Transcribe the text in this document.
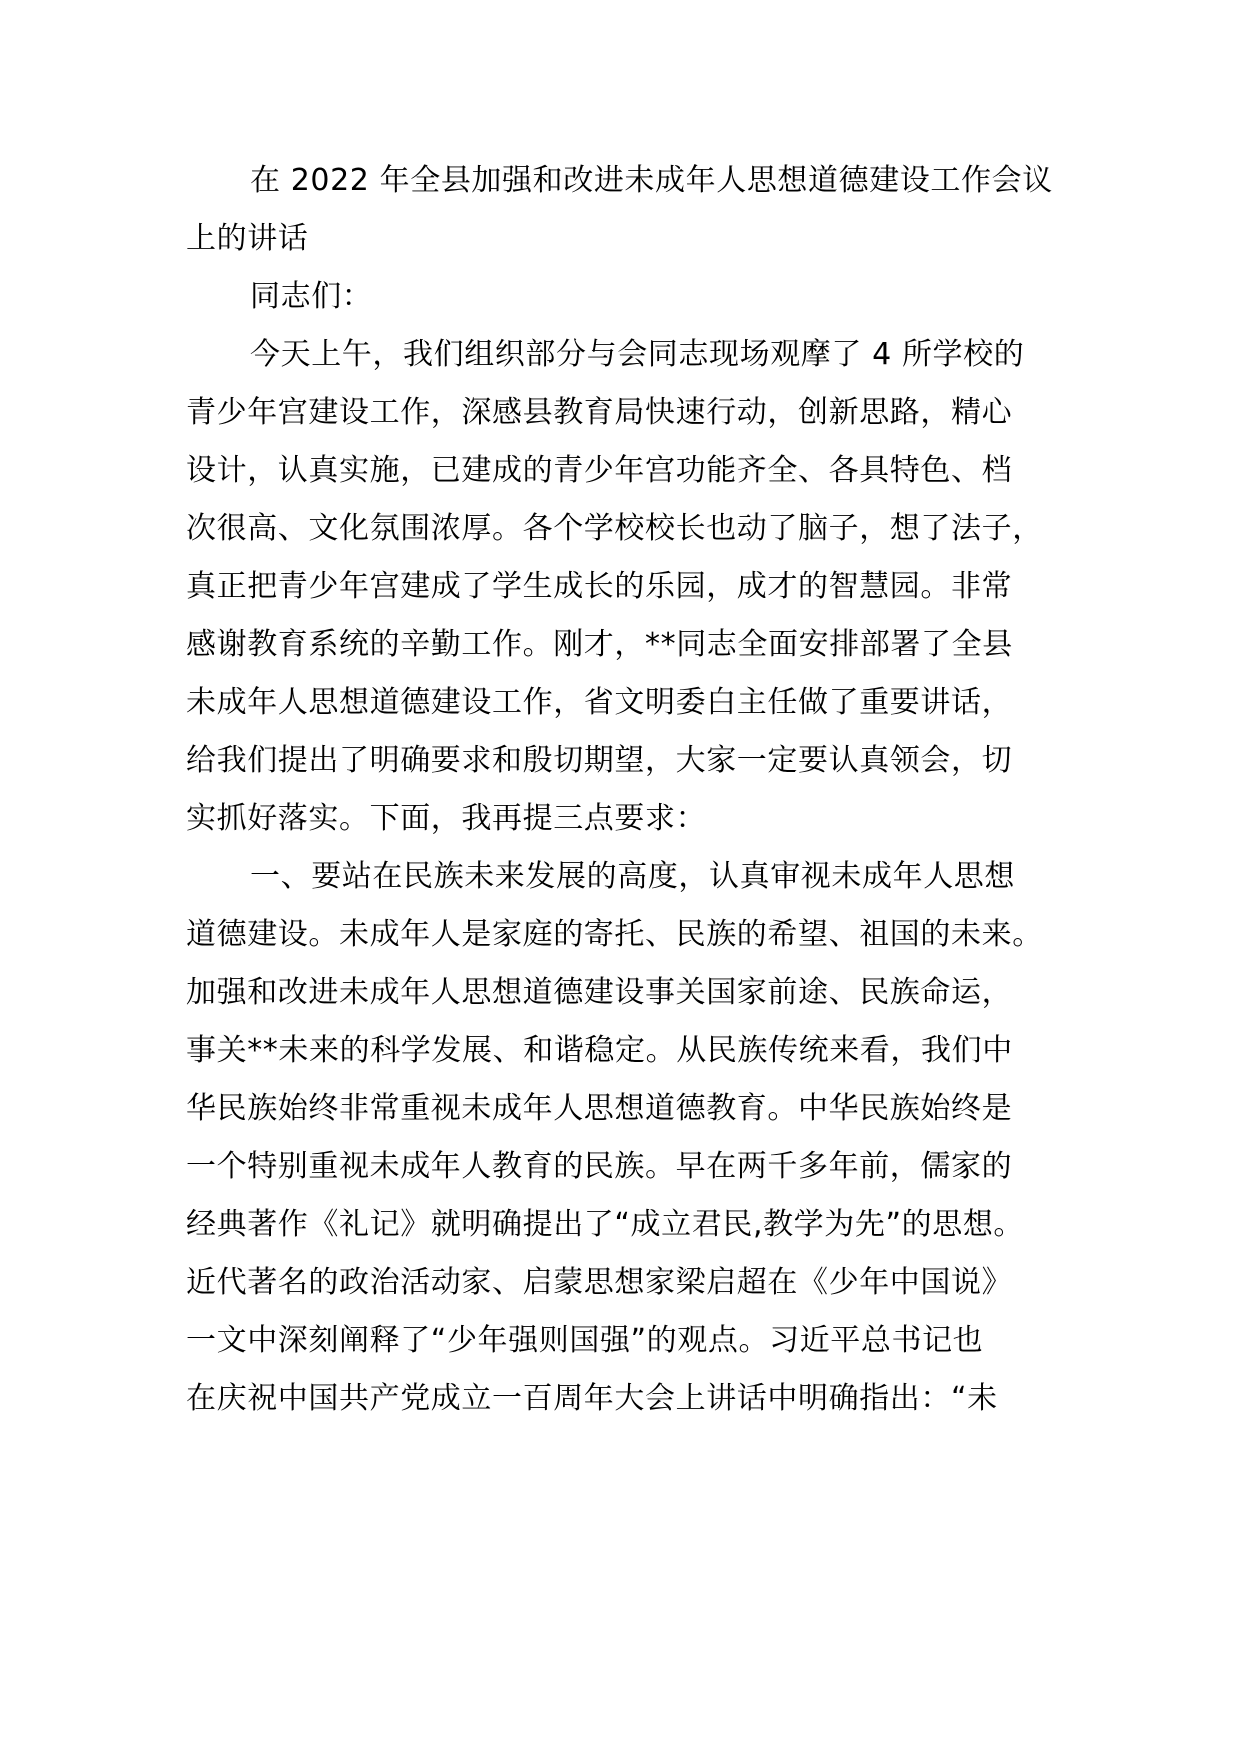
在 2022 年全县加强和改进未成年人思想道德建设工作会议
上的讲话
同志们：
今天上午，我们组织部分与会同志现场观摩了 4 所学校的
青少年宫建设工作，深感县教育局快速行动，创新思路，精心
设计，认真实施，已建成的青少年宫功能齐全、各具特色、档
次很高、文化氛围浓厚。各个学校校长也动了脑子，想了法子，
真正把青少年宫建成了学生成长的乐园，成才的智慧园。非常
感谢教育系统的辛勤工作。刚才，**同志全面安排部署了全县
未成年人思想道德建设工作，省文明委白主任做了重要讲话，
给我们提出了明确要求和殷切期望，大家一定要认真领会，切
实抓好落实。下面，我再提三点要求：
一、要站在民族未来发展的高度，认真审视未成年人思想
道德建设。未成年人是家庭的寄托、民族的希望、祖国的未来。
加强和改进未成年人思想道德建设事关国家前途、民族命运，
事关**未来的科学发展、和谐稳定。从民族传统来看，我们中
华民族始终非常重视未成年人思想道德教育。中华民族始终是
一个特别重视未成年人教育的民族。早在两千多年前，儒家的
经典著作《礼记》就明确提出了“成立君民,教学为先”的思想。
近代著名的政治活动家、启蒙思想家梁启超在《少年中国说》
一文中深刻阐释了“少年强则国强”的观点。习近平总书记也
在庆祝中国共产党成立一百周年大会上讲话中明确指出：“未
